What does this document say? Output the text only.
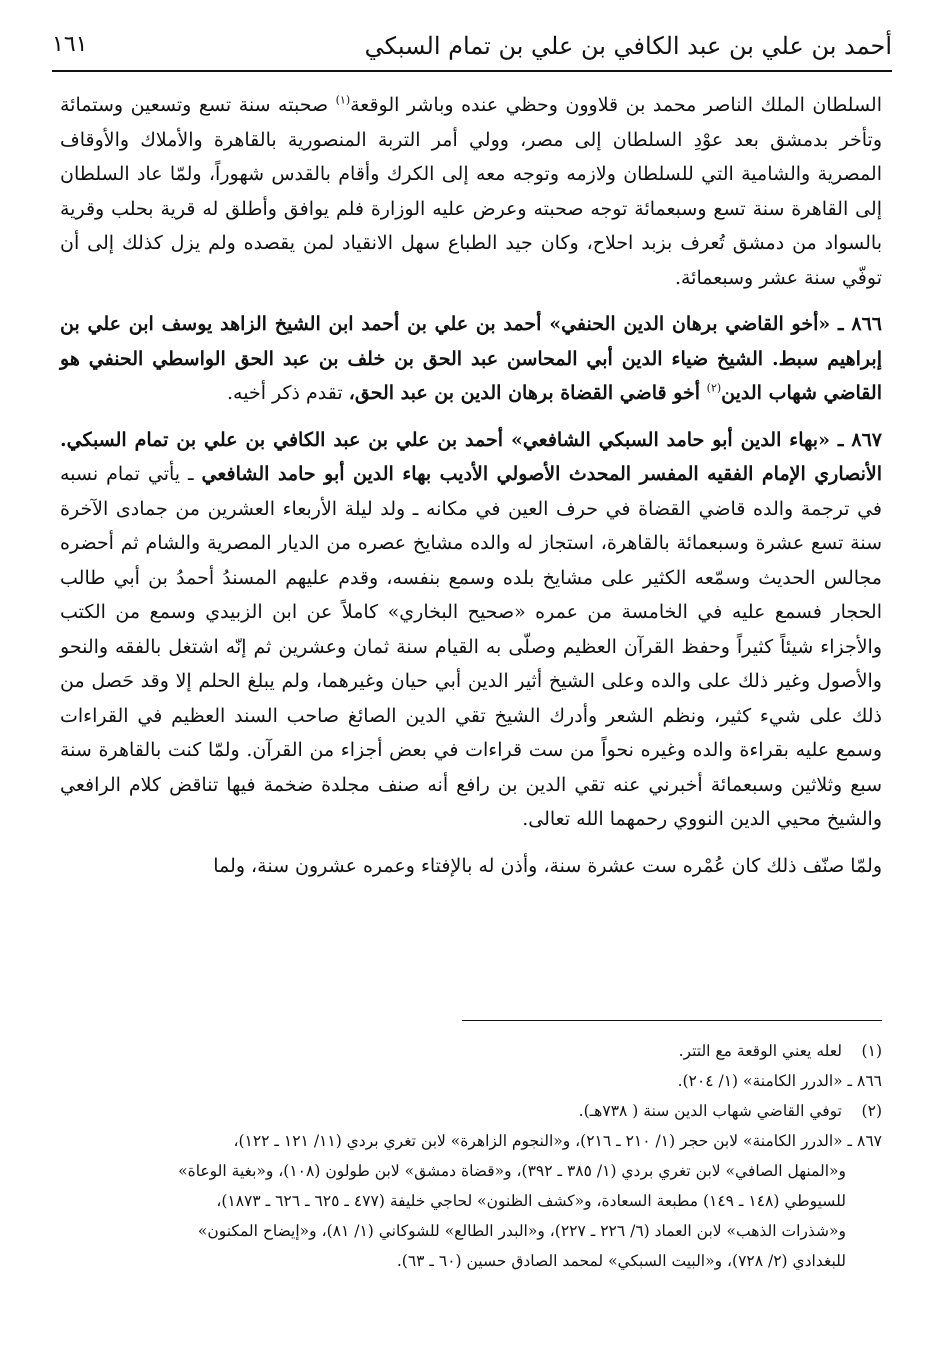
أحمد بن علي بن عبد الكافي بن علي بن تمام السبكي
١٦١

السلطان الملك الناصر محمد بن قلاوون وحظي عنده وباشر الوقعة$^{(١)}$ صحبته سنة تسع وتسعين وستمائة وتأخر بدمشق بعد عوْدِ السلطان إلى مصر، وولي أمر التربة المنصورية بالقاهرة والأملاك والأوقاف المصرية والشامية التي للسلطان ولازمه وتوجه معه إلى الكرك وأقام بالقدس شهوراً، ولمّا عاد السلطان إلى القاهرة سنة تسع وسبعمائة توجه صحبته وعرض عليه الوزارة فلم يوافق وأطلق له قرية بحلب وقرية بالسواد من دمشق تُعرف بزبد احلاح، وكان جيد الطباع سهل الانقياد لمن يقصده ولم يزل كذلك إلى أن توفّي سنة عشر وسبعمائة.

٨٦٦ ـ «أخو القاضي برهان الدين الحنفي» أحمد بن علي بن أحمد ابن الشيخ الزاهد يوسف ابن علي بن إبراهيم سبط. الشيخ ضياء الدين أبي المحاسن عبد الحق بن خلف بن عبد الحق الواسطي الحنفي هو القاضي شهاب الدين$^{(٢)}$ أخو قاضي القضاة برهان الدين بن عبد الحق، تقدم ذكر أخيه.

٨٦٧ ـ «بهاء الدين أبو حامد السبكي الشافعي» أحمد بن علي بن عبد الكافي بن علي بن تمام السبكي. الأنصاري الإمام الفقيه المفسر المحدث الأصولي الأديب بهاء الدين أبو حامد الشافعي ـ يأتي تمام نسبه في ترجمة والده قاضي القضاة في حرف العين في مكانه ـ ولد ليلة الأربعاء العشرين من جمادى الآخرة سنة تسع عشرة وسبعمائة بالقاهرة، استجاز له والده مشايخ عصره من الديار المصرية والشام ثم أحضره مجالس الحديث وسمّعه الكثير على مشايخ بلده وسمع بنفسه، وقدم عليهم المسندُ أحمدُ بن أبي طالب الحجار فسمع عليه في الخامسة من عمره «صحيح البخاري» كاملاً عن ابن الزبيدي وسمع من الكتب والأجزاء شيئاً كثيراً وحفظ القرآن العظيم وصلّى به القيام سنة ثمان وعشرين ثم إنّه اشتغل بالفقه والنحو والأصول وغير ذلك على والده وعلى الشيخ أثير الدين أبي حيان وغيرهما، ولم يبلغ الحلم إلا وقد حَصل من ذلك على شيء كثير، ونظم الشعر وأدرك الشيخ تقي الدين الصائغ صاحب السند العظيم في القراءات وسمع عليه بقراءة والده وغيره نحواً من ست قراءات في بعض أجزاء من القرآن. ولمّا كنت بالقاهرة سنة سبع وثلاثين وسبعمائة أخبرني عنه تقي الدين بن رافع أنه صنف مجلدة ضخمة فيها تناقض كلام الرافعي والشيخ محيي الدين النووي رحمهما الله تعالى.

ولمّا صنّف ذلك كان عُمْره ست عشرة سنة، وأذن له بالإفتاء وعمره عشرون سنة، ولما

(١)لعله يعني الوقعة مع التتر.

٨٦٦ ـ «الدرر الكامنة» (١/ ٢٠٤).

(٢)توفي القاضي شهاب الدين سنة ( ٧٣٨هـ).

٨٦٧ ـ «الدرر الكامنة» لابن حجر (١/ ٢١٠ ـ ٢١٦)، و«النجوم الزاهرة» لابن تغري بردي (١١/ ١٢١ ـ ١٢٢)،

و«المنهل الصافي» لابن تغري بردي (١/ ٣٨٥ ـ ٣٩٢)، و«قضاة دمشق» لابن طولون (١٠٨)، و«بغية الوعاة»

للسيوطي (١٤٨ ـ ١٤٩) مطبعة السعادة، و«كشف الظنون» لحاجي خليفة (٤٧٧ ـ ٦٢٥ ـ ٦٢٦ ـ ١٨٧٣)،

و«شذرات الذهب» لابن العماد (٦/ ٢٢٦ ـ ٢٢٧)، و«البدر الطالع» للشوكاني (١/ ٨١)، و«إيضاح المكنون»

للبغدادي (٢/ ٧٢٨)، و«البيت السبكي» لمحمد الصادق حسين (٦٠ ـ ٦٣).
